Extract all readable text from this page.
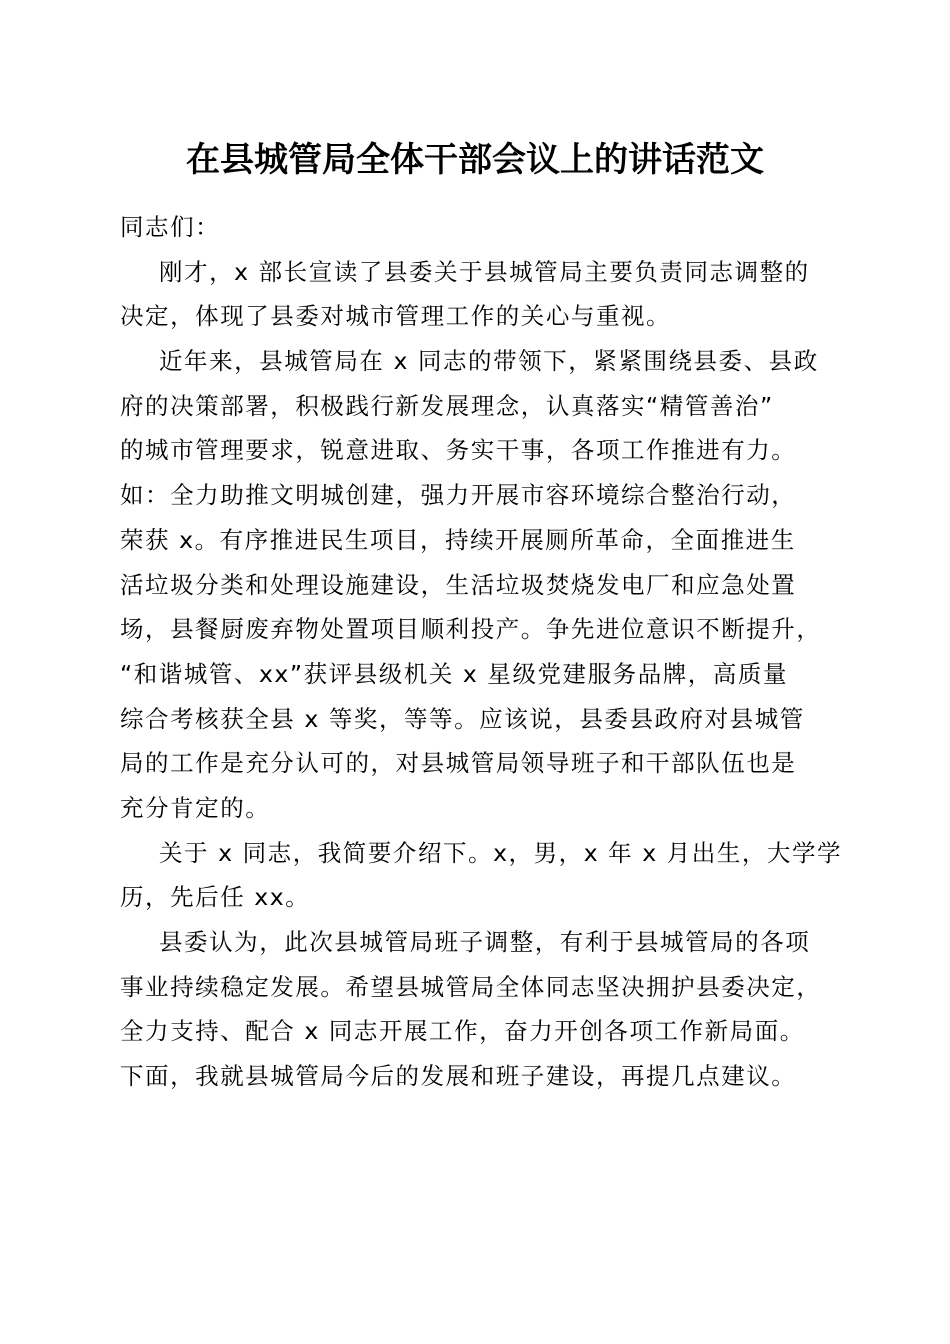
在县城管局全体干部会议上的讲话范文
同志们：
刚才，x 部长宣读了县委关于县城管局主要负责同志调整的
决定，体现了县委对城市管理工作的关心与重视。
近年来，县城管局在 x 同志的带领下，紧紧围绕县委、县政
府的决策部署，积极践行新发展理念，认真落实“精管善治”
的城市管理要求，锐意进取、务实干事，各项工作推进有力。
如：全力助推文明城创建，强力开展市容环境综合整治行动，
荣获 x。有序推进民生项目，持续开展厕所革命，全面推进生
活垃圾分类和处理设施建设，生活垃圾焚烧发电厂和应急处置
场，县餐厨废弃物处置项目顺利投产。争先进位意识不断提升，
“和谐城管、xx”获评县级机关 x 星级党建服务品牌，高质量
综合考核获全县 x 等奖，等等。应该说，县委县政府对县城管
局的工作是充分认可的，对县城管局领导班子和干部队伍也是
充分肯定的。
关于 x 同志，我简要介绍下。x，男，x 年 x 月出生，大学学
历，先后任 xx。
县委认为，此次县城管局班子调整，有利于县城管局的各项
事业持续稳定发展。希望县城管局全体同志坚决拥护县委决定，
全力支持、配合 x 同志开展工作，奋力开创各项工作新局面。
下面，我就县城管局今后的发展和班子建设，再提几点建议。
